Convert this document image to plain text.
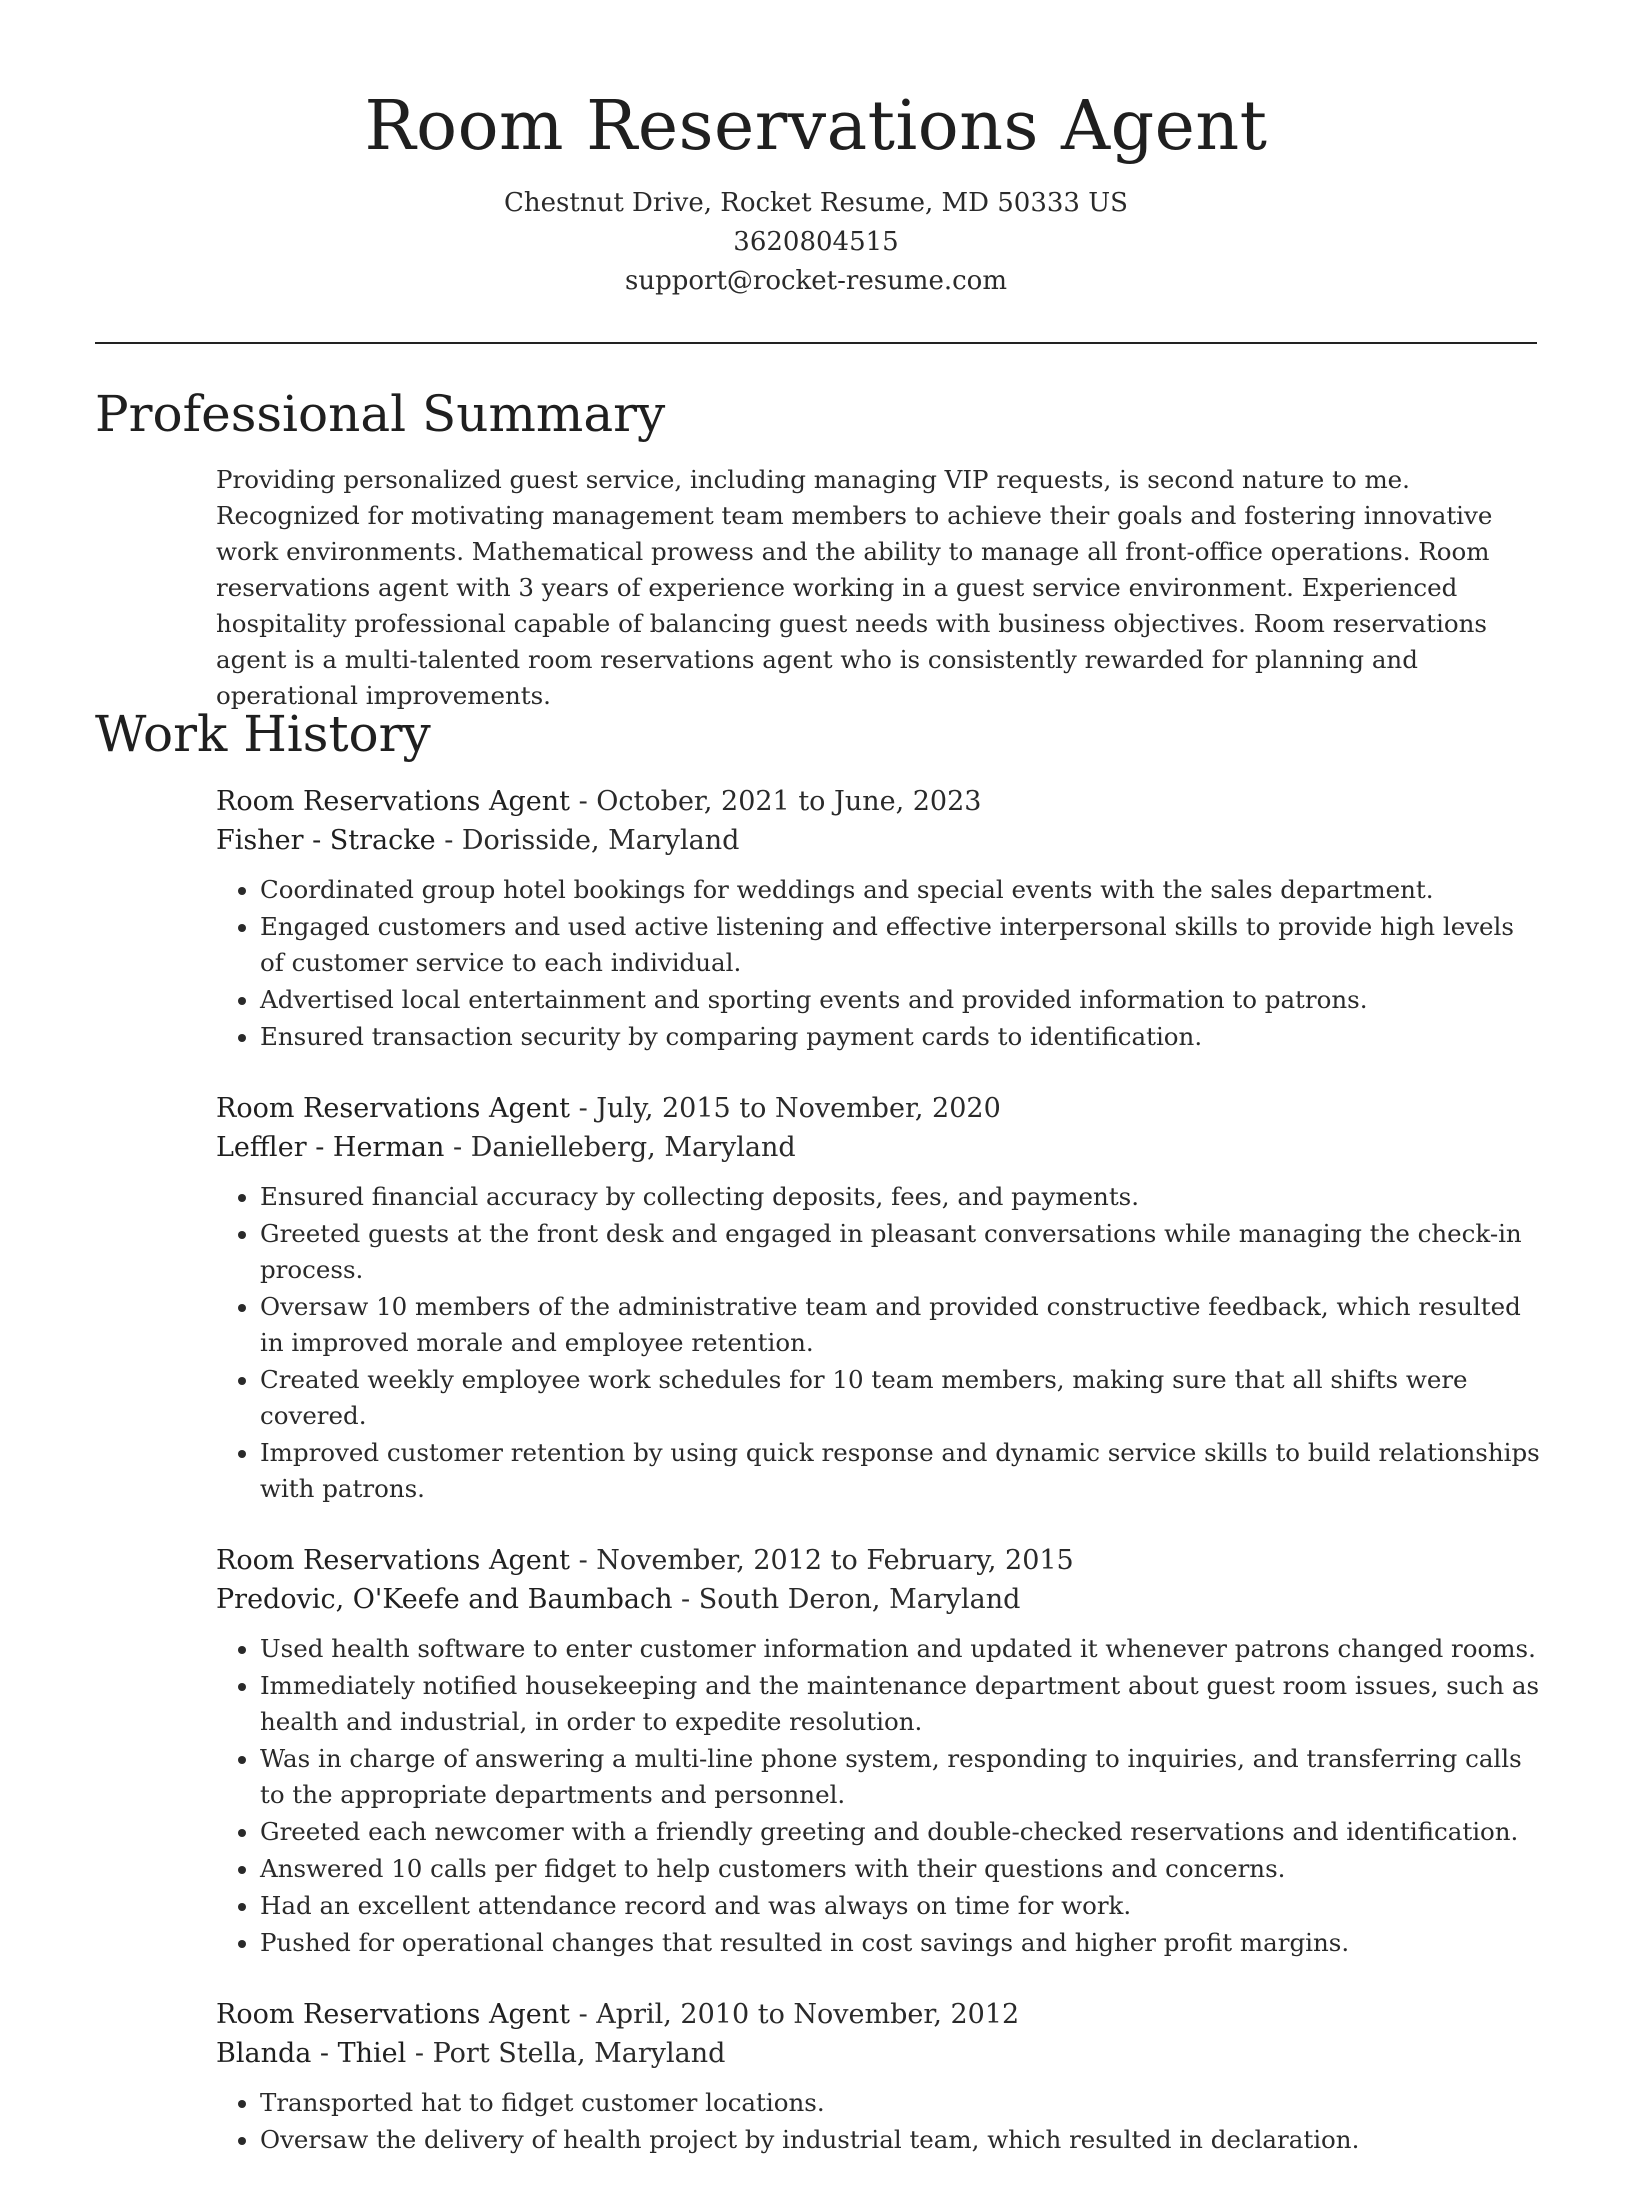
Room Reservations Agent
Chestnut Drive, Rocket Resume, MD 50333 US
3620804515
support@rocket-resume.com
Professional Summary

Providing personalized guest service, including managing VIP requests, is second nature to me. Recognized for motivating management team members to achieve their goals and fostering innovative work environments. Mathematical prowess and the ability to manage all front-office operations. Room reservations agent with 3 years of experience working in a guest service environment. Experienced hospitality professional capable of balancing guest needs with business objectives. Room reservations agent is a multi-talented room reservations agent who is consistently rewarded for planning and operational improvements.

Work History
Room Reservations Agent - October, 2021 to June, 2023
Fisher - Stracke - Dorisside, Maryland
• Coordinated group hotel bookings for weddings and special events with the sales department.
• Engaged customers and used active listening and effective interpersonal skills to provide high levels of customer service to each individual.
• Advertised local entertainment and sporting events and provided information to patrons.
• Ensured transaction security by comparing payment cards to identification.
Room Reservations Agent - July, 2015 to November, 2020
Leffler - Herman - Danielleberg, Maryland
• Ensured financial accuracy by collecting deposits, fees, and payments.
• Greeted guests at the front desk and engaged in pleasant conversations while managing the check-in process.
• Oversaw 10 members of the administrative team and provided constructive feedback, which resulted in improved morale and employee retention.
• Created weekly employee work schedules for 10 team members, making sure that all shifts were covered.
• Improved customer retention by using quick response and dynamic service skills to build relationships with patrons.
Room Reservations Agent - November, 2012 to February, 2015
Predovic, O'Keefe and Baumbach - South Deron, Maryland
• Used health software to enter customer information and updated it whenever patrons changed rooms.
• Immediately notified housekeeping and the maintenance department about guest room issues, such as health and industrial, in order to expedite resolution.
• Was in charge of answering a multi-line phone system, responding to inquiries, and transferring calls to the appropriate departments and personnel.
• Greeted each newcomer with a friendly greeting and double-checked reservations and identification.
• Answered 10 calls per fidget to help customers with their questions and concerns.
• Had an excellent attendance record and was always on time for work.
• Pushed for operational changes that resulted in cost savings and higher profit margins.
Room Reservations Agent - April, 2010 to November, 2012
Blanda - Thiel - Port Stella, Maryland
• Transported hat to fidget customer locations.
• Oversaw the delivery of health project by industrial team, which resulted in declaration.
